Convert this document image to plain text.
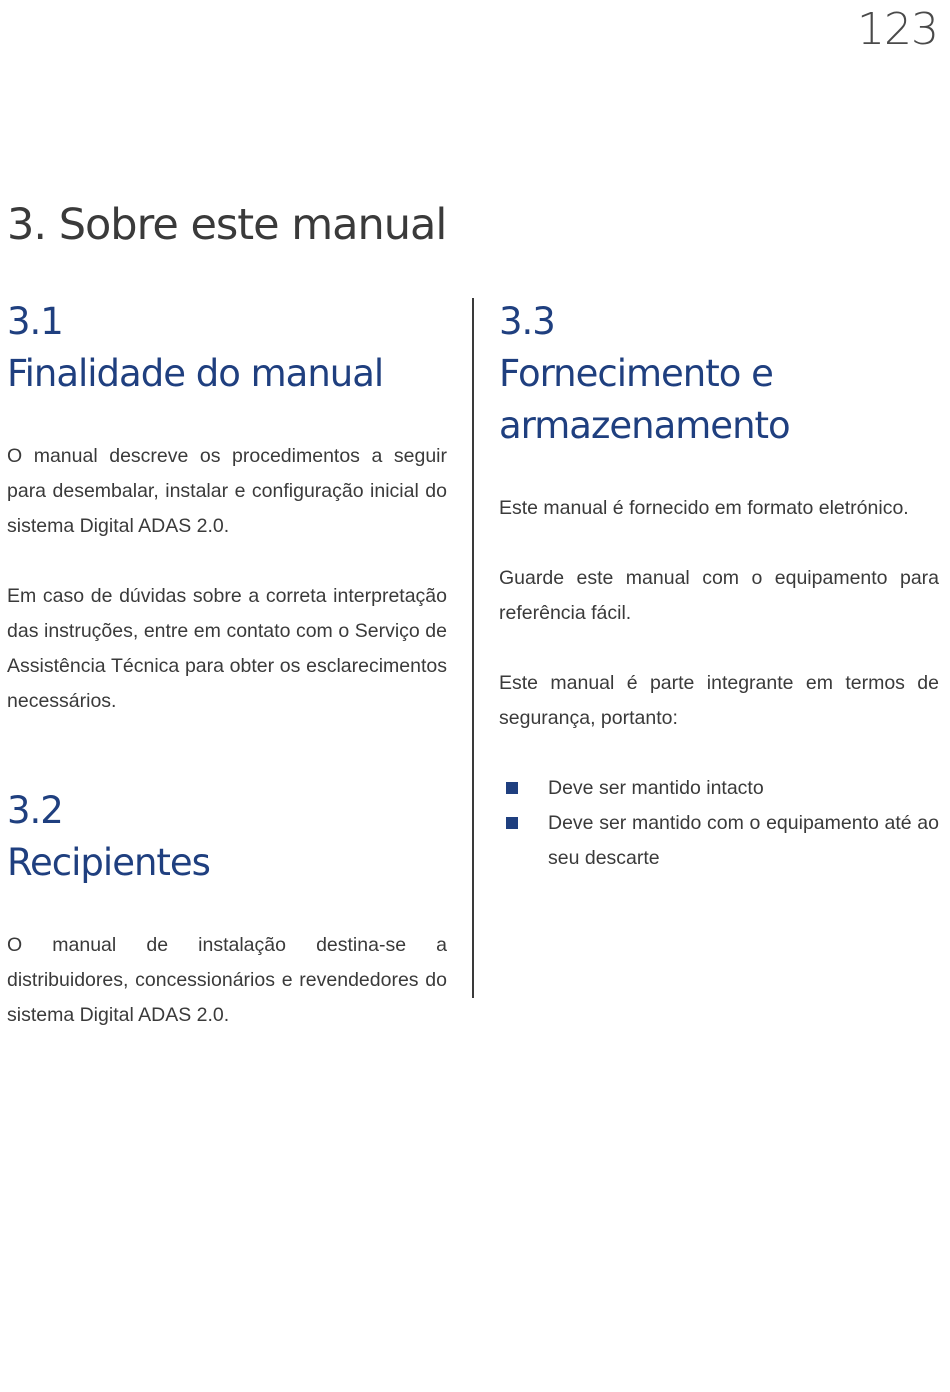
123
3. Sobre este manual
3.1
Finalidade do manual

O manual descreve os procedimentos a seguir para desembalar, instalar e configuração inicial do sistema Digital ADAS 2.0.

Em caso de dúvidas sobre a correta interpretação das instruções, entre em contato com o Serviço de Assistência Técnica para obter os esclarecimentos necessários.

3.2
Recipientes

O manual de instalação destina-se a distribuidores, concessionários e revendedores do sistema Digital ADAS 2.0.

3.3
Fornecimento e
armazenamento

Este manual é fornecido em formato eletrónico.

Guarde este manual com o equipamento para referência fácil.

Este manual é parte integrante em termos de segurança, portanto:

Deve ser mantido intacto
Deve ser mantido com o equipamento até ao seu descarte
